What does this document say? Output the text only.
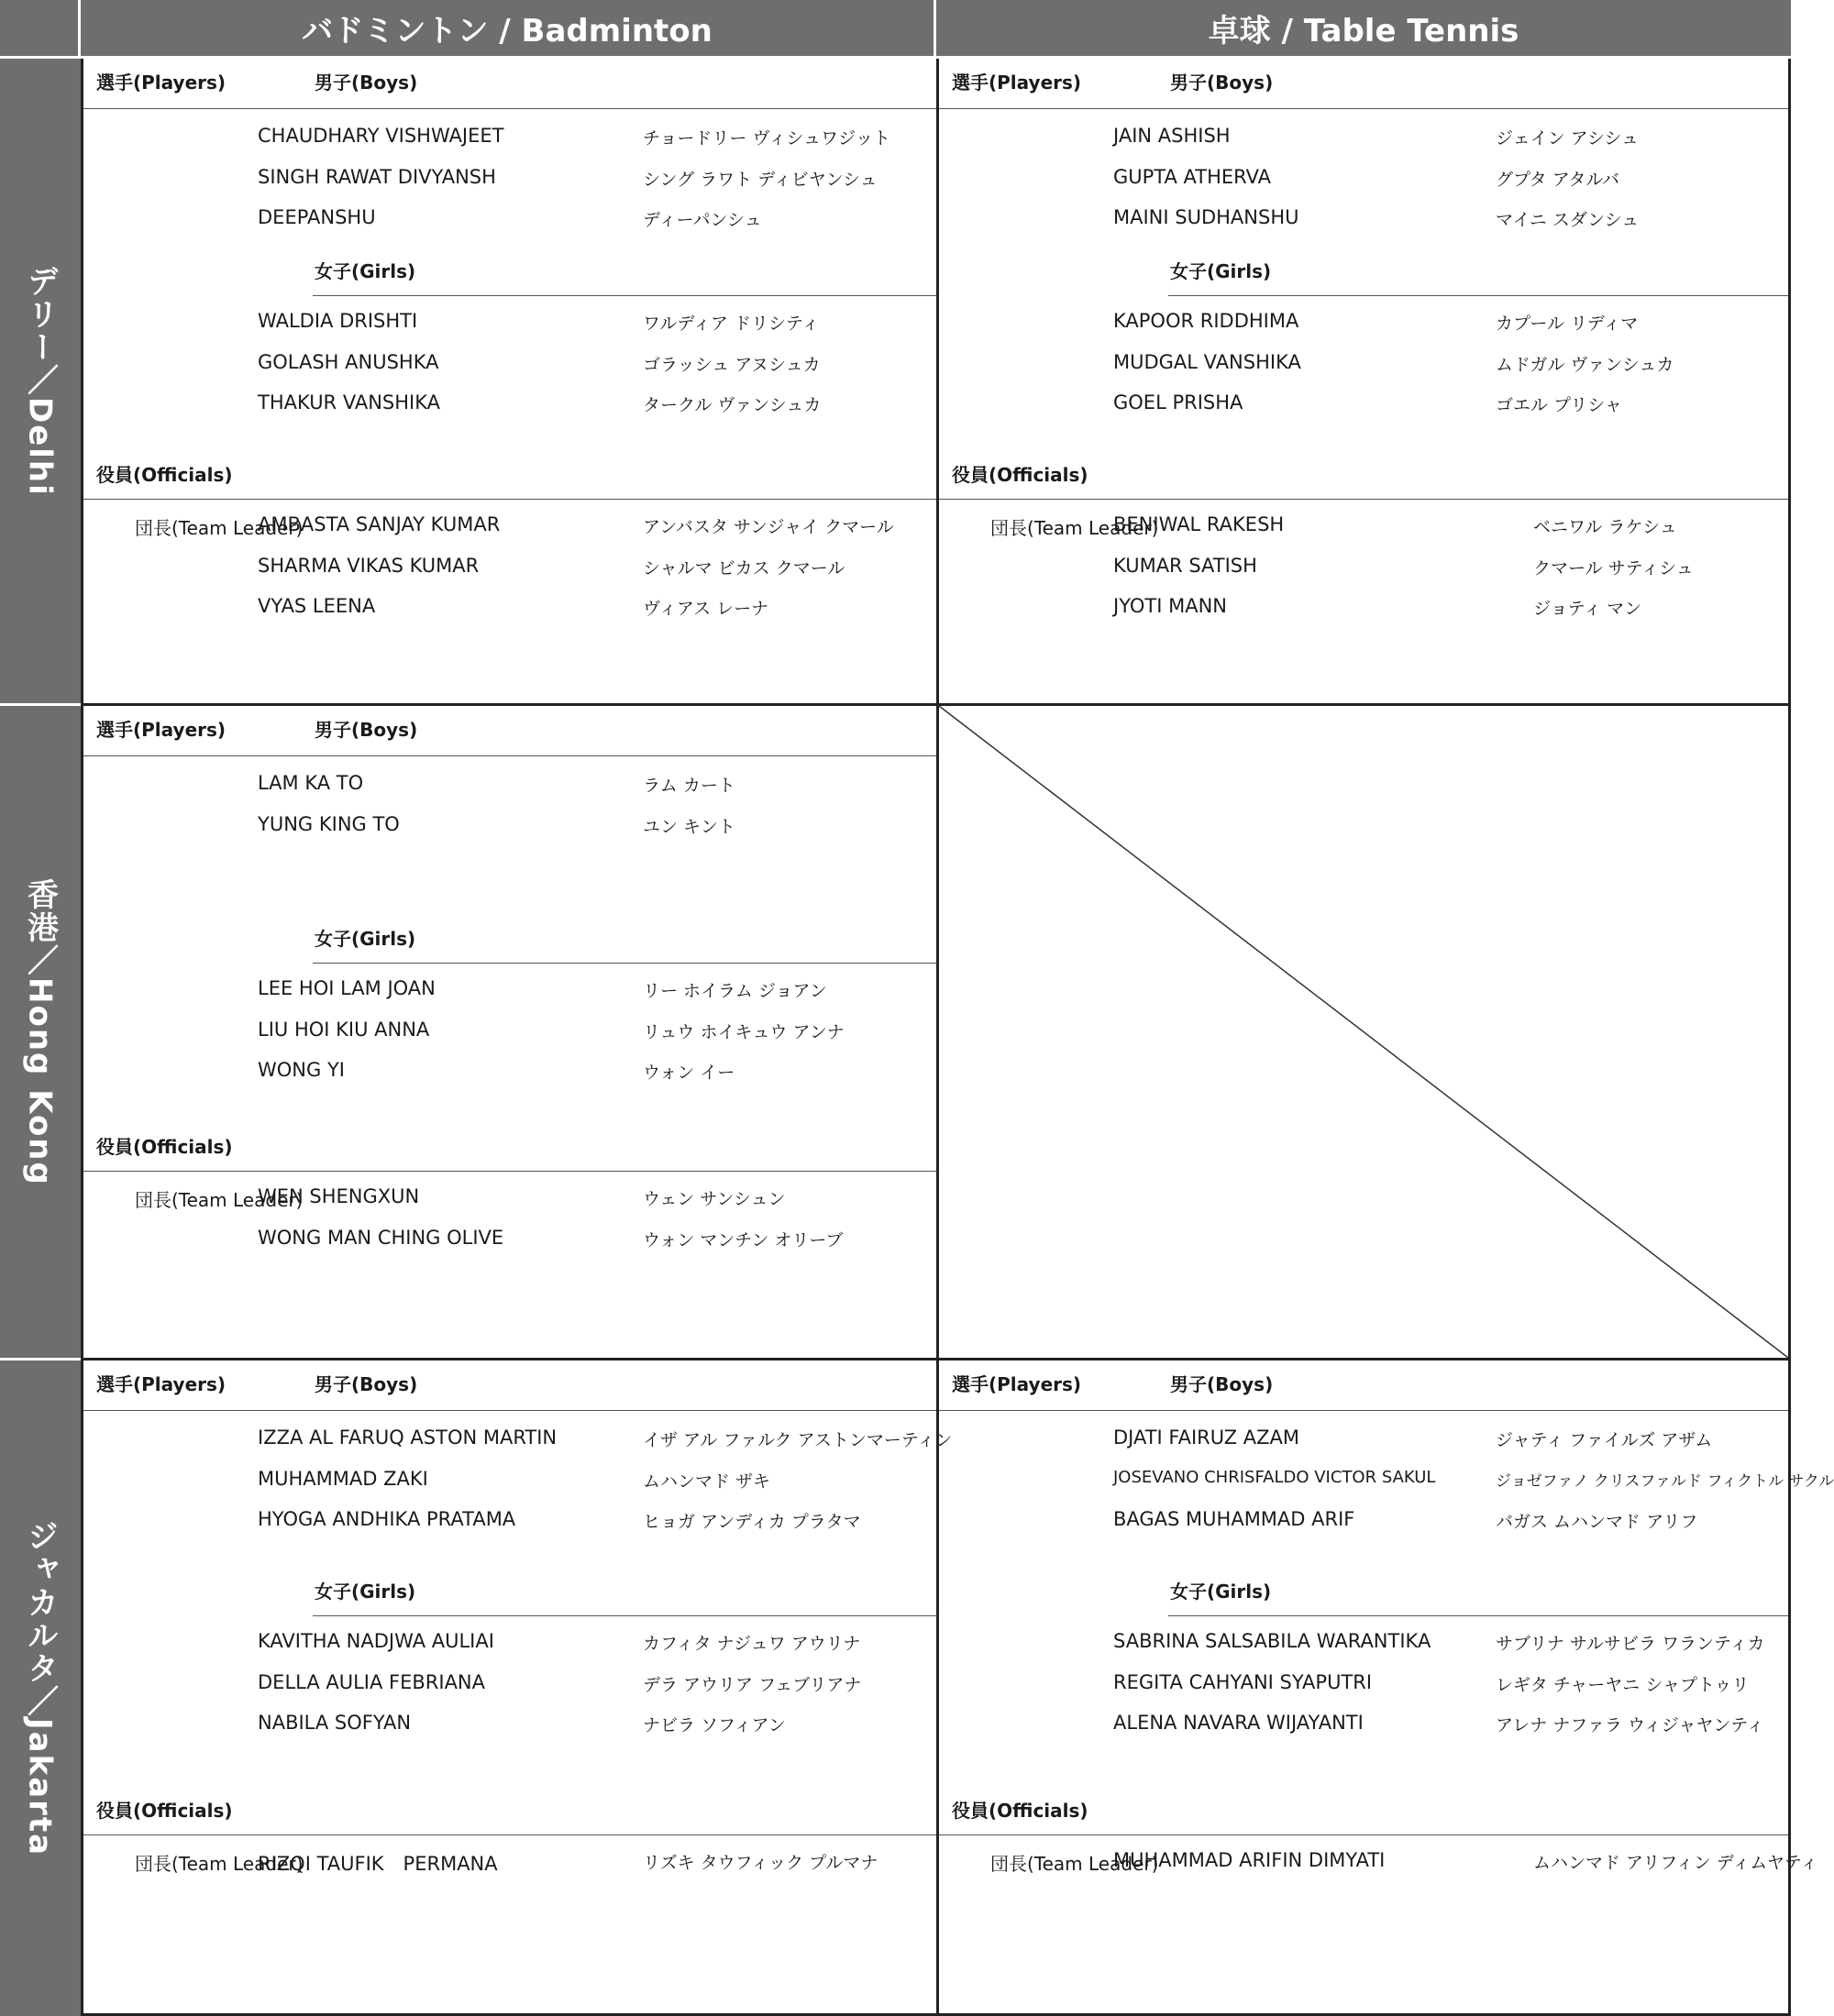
バドミントン / Badminton	卓球 / Table Tennis
デリー／Delhi
選手(Players)	男子(Boys)
CHAUDHARY VISHWAJEET	チョードリー ヴィシュワジット
SINGH RAWAT DIVYANSH	シング ラワト ディビヤンシュ
DEEPANSHU	ディーパンシュ
女子(Girls)
WALDIA DRISHTI	ワルディア ドリシティ
GOLASH ANUSHKA	ゴラッシュ アヌシュカ
THAKUR VANSHIKA	タークル ヴァンシュカ
役員(Officials)
団長(Team Leader)
AMBASTA SANJAY KUMAR	アンバスタ サンジャイ クマール
SHARMA VIKAS KUMAR	シャルマ ビカス クマール
VYAS LEENA	ヴィアス レーナ
選手(Players)	男子(Boys)
JAIN ASHISH	ジェイン アシシュ
GUPTA ATHERVA	グプタ アタルバ
MAINI SUDHANSHU	マイニ スダンシュ
女子(Girls)
KAPOOR RIDDHIMA	カプール リディマ
MUDGAL VANSHIKA	ムドガル ヴァンシュカ
GOEL PRISHA	ゴエル プリシャ
役員(Officials)
団長(Team Leader)
BENIWAL RAKESH	ベニワル ラケシュ
KUMAR SATISH	クマール サティシュ
JYOTI MANN	ジョティ マン
香港／Hong Kong
選手(Players)	男子(Boys)
LAM KA TO	ラム カート
YUNG KING TO	ユン キント
女子(Girls)
LEE HOI LAM JOAN	リー ホイラム ジョアン
LIU HOI KIU ANNA	リュウ ホイキュウ アンナ
WONG YI	ウォン イー
役員(Officials)
団長(Team Leader)
WEN SHENGXUN	ウェン サンシュン
WONG MAN CHING OLIVE	ウォン マンチン オリーブ
ジャカルタ／Jakarta
選手(Players)	男子(Boys)
IZZA AL FARUQ ASTON MARTIN	イザ アル ファルク アストンマーティン
MUHAMMAD ZAKI	ムハンマド ザキ
HYOGA ANDHIKA PRATAMA	ヒョガ アンディカ プラタマ
女子(Girls)
KAVITHA NADJWA AULIAI	カフィタ ナジュワ アウリナ
DELLA AULIA FEBRIANA	デラ アウリア フェブリアナ
NABILA SOFYAN	ナビラ ソフィアン
役員(Officials)
団長(Team Leader)
RIZQI TAUFIK　PERMANA	リズキ タウフィック プルマナ
選手(Players)	男子(Boys)
DJATI FAIRUZ AZAM	ジャティ ファイルズ アザム
JOSEVANO CHRISFALDO VICTOR SAKUL	ジョゼファノ クリスファルド フィクトル サクル
BAGAS MUHAMMAD ARIF	バガス ムハンマド アリフ
女子(Girls)
SABRINA SALSABILA WARANTIKA	サブリナ サルサビラ ワランティカ
REGITA CAHYANI SYAPUTRI	レギタ チャーヤニ シャプトゥリ
ALENA NAVARA WIJAYANTI	アレナ ナファラ ウィジャヤンティ
役員(Officials)
団長(Team Leader)
MUHAMMAD ARIFIN DIMYATI	ムハンマド アリフィン ディムヤティ
